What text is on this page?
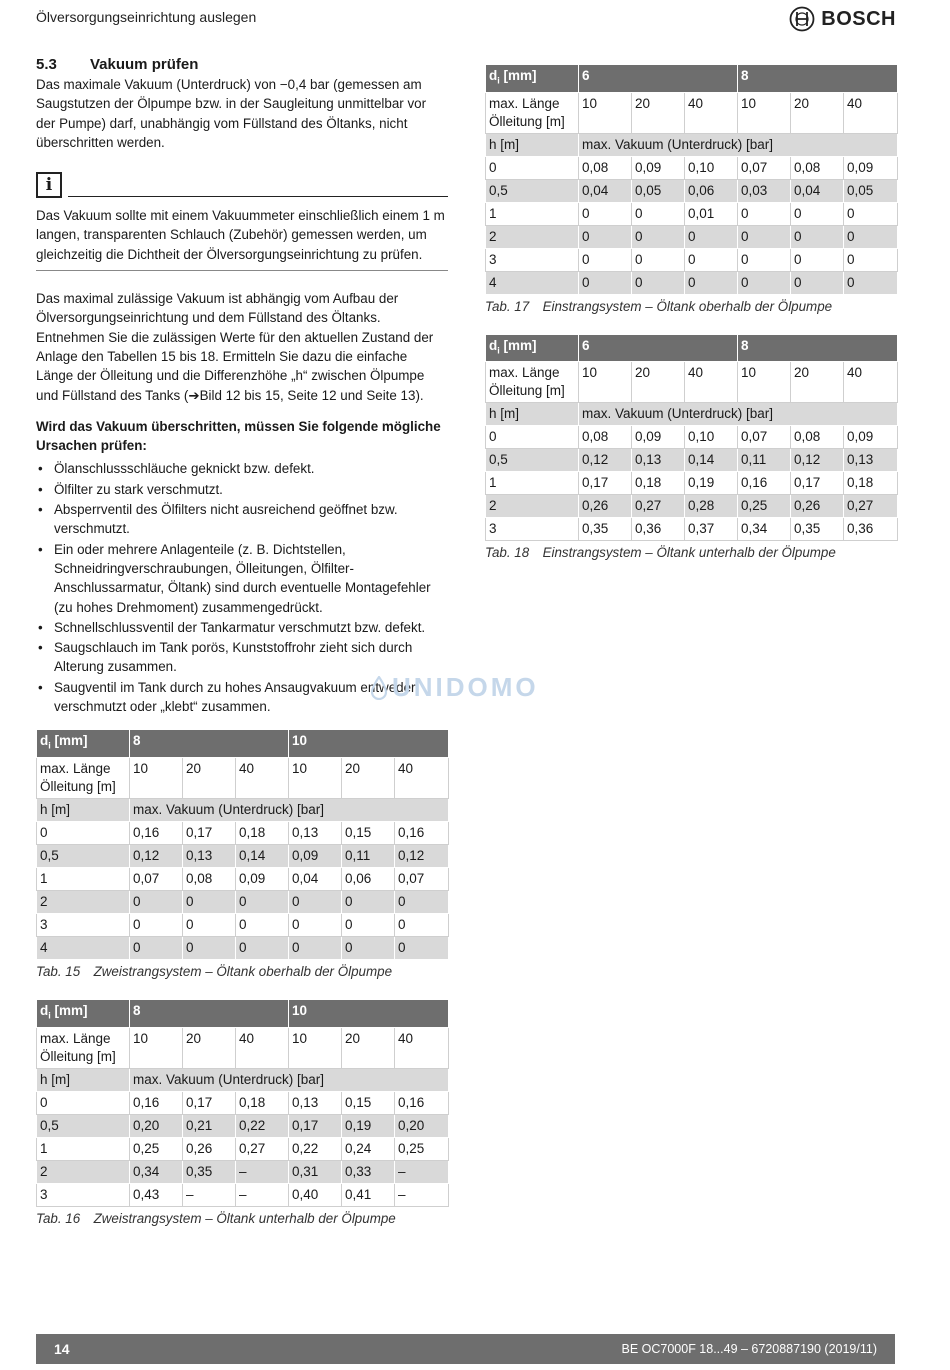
Ölversorgungseinrichtung auslegen	BOSCH
5.3	Vakuum prüfen

Das maximale Vakuum (Unterdruck) von −0,4 bar (gemessen am Saugstutzen der Ölpumpe bzw. in der Saugleitung unmittelbar vor der Pumpe) darf, unabhängig vom Füllstand des Öltanks, nicht überschritten werden.

i

Das Vakuum sollte mit einem Vakuummeter einschließlich einem 1 m langen, transparenten Schlauch (Zubehör) gemessen werden, um gleichzeitig die Dichtheit der Ölversorgungseinrichtung zu prüfen.

Das maximal zulässige Vakuum ist abhängig vom Aufbau der Ölversorgungseinrichtung und dem Füllstand des Öltanks. Entnehmen Sie die zulässigen Werte für den aktuellen Zustand der Anlage den Tabellen 15 bis 18. Ermitteln Sie dazu die einfache Länge der Ölleitung und die Differenzhöhe „h“ zwischen Ölpumpe und Füllstand des Tanks (➔Bild 12 bis 15, Seite 12 und Seite 13).

Wird das Vakuum überschritten, müssen Sie folgende mögliche Ursachen prüfen:

• Ölanschlussschläuche geknickt bzw. defekt.
• Ölfilter zu stark verschmutzt.
• Absperrventil des Ölfilters nicht ausreichend geöffnet bzw. verschmutzt.
• Ein oder mehrere Anlagenteile (z. B. Dichtstellen, Schneidringverschraubungen, Ölleitungen, Ölfilter-Anschlussarmatur, Öltank) sind durch eventuelle Montagefehler (zu hohes Drehmoment) zusammengedrückt.
• Schnellschlussventil der Tankarmatur verschmutzt bzw. defekt.
• Saugschlauch im Tank porös, Kunststoffrohr zieht sich durch Alterung zusammen.
• Saugventil im Tank durch zu hohes Ansaugvakuum entweder verschmutzt oder „klebt“ zusammen.
$d_i$ [mm]	8			10		
max. Länge Ölleitung [m]	10	20	40	10	20	40
h [m]	max. Vakuum (Unterdruck) [bar]					
0	0,16	0,17	0,18	0,13	0,15	0,16
0,5	0,12	0,13	0,14	0,09	0,11	0,12
1	0,07	0,08	0,09	0,04	0,06	0,07
2	0	0	0	0	0	0
3	0	0	0	0	0	0
4	0	0	0	0	0	0
Tab. 15  Zweistrangsystem – Öltank oberhalb der Ölpumpe
$d_i$ [mm]	8			10		
max. Länge Ölleitung [m]	10	20	40	10	20	40
h [m]	max. Vakuum (Unterdruck) [bar]					
0	0,16	0,17	0,18	0,13	0,15	0,16
0,5	0,20	0,21	0,22	0,17	0,19	0,20
1	0,25	0,26	0,27	0,22	0,24	0,25
2	0,34	0,35	–	0,31	0,33	–
3	0,43	–	–	0,40	0,41	–
Tab. 16  Zweistrangsystem – Öltank unterhalb der Ölpumpe
$d_i$ [mm]	6			8		
max. Länge Ölleitung [m]	10	20	40	10	20	40
h [m]	max. Vakuum (Unterdruck) [bar]					
0	0,08	0,09	0,10	0,07	0,08	0,09
0,5	0,04	0,05	0,06	0,03	0,04	0,05
1	0	0	0,01	0	0	0
2	0	0	0	0	0	0
3	0	0	0	0	0	0
4	0	0	0	0	0	0
Tab. 17  Einstrangsystem – Öltank oberhalb der Ölpumpe
$d_i$ [mm]	6			8		
max. Länge Ölleitung [m]	10	20	40	10	20	40
h [m]	max. Vakuum (Unterdruck) [bar]					
0	0,08	0,09	0,10	0,07	0,08	0,09
0,5	0,12	0,13	0,14	0,11	0,12	0,13
1	0,17	0,18	0,19	0,16	0,17	0,18
2	0,26	0,27	0,28	0,25	0,26	0,27
3	0,35	0,36	0,37	0,34	0,35	0,36
Tab. 18  Einstrangsystem – Öltank unterhalb der Ölpumpe
UNIDOMO
14	BE OC7000F 18...49 – 6720887190 (2019/11)
